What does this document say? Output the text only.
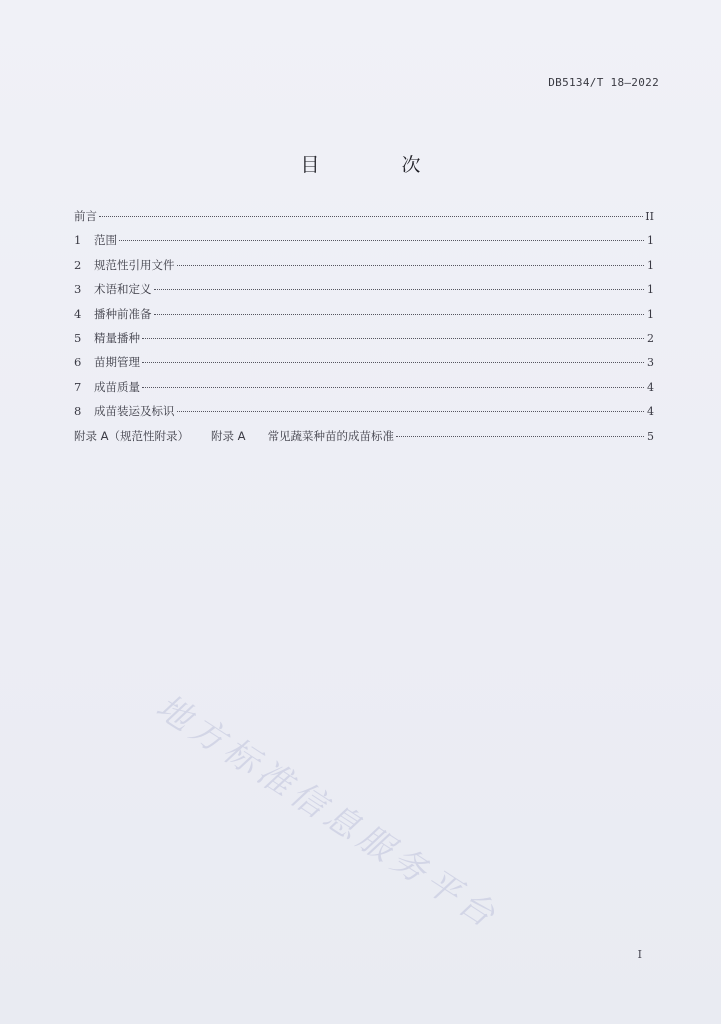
DB5134/T 18—2022
目 次
前言	II
1	范围	1
2	规范性引用文件	1
3	术语和定义	1
4	播种前准备	1
5	精量播种	2
6	苗期管理	3
7	成苗质量	4
8	成苗装运及标识	4
附录 A（规范性附录） 附录 A 常见蔬菜种苗的成苗标准	5
地方标准信息服务平台
I
